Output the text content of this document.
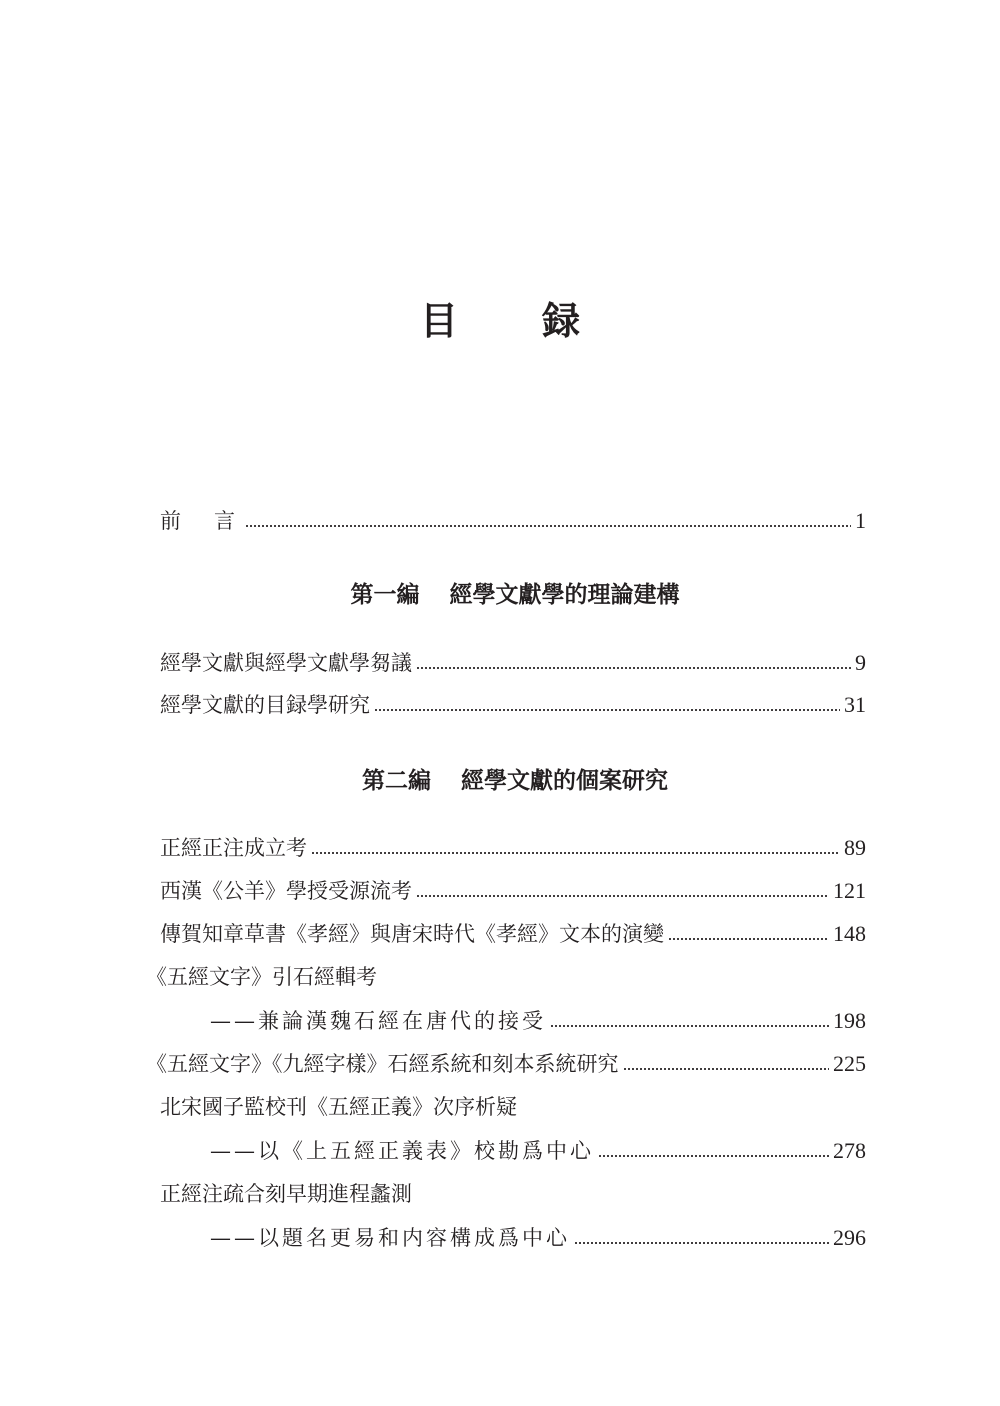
目 録
前　言	1
第一編 經學文獻學的理論建構
經學文獻與經學文獻學芻議	9
經學文獻的目録學研究	31
第二編 經學文獻的個案研究
正經正注成立考	89
西漢《公羊》學授受源流考	121
傳賀知章草書《孝經》與唐宋時代《孝經》文本的演變	148
《五經文字》引石經輯考
——兼論漢魏石經在唐代的接受	198
《五經文字》《九經字樣》石經系統和刻本系統研究	225
北宋國子監校刊《五經正義》次序析疑
——以《上五經正義表》校勘爲中心	278
正經注疏合刻早期進程蠡測
——以題名更易和内容構成爲中心	296
